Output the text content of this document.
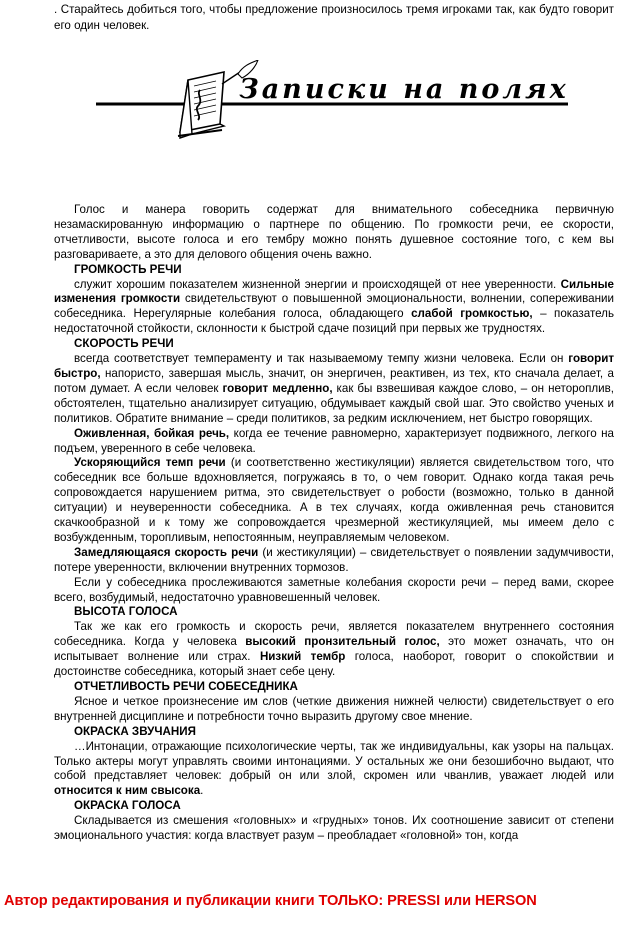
. Старайтесь добиться того, чтобы предложение произносилось тремя игроками так, как будто говорит его один человек.
Записки на полях

Голос и манера говорить содержат для внимательного собеседника первичную незамаскированную информацию о партнере по общению. По громкости речи, ее скорости, отчетливости, высоте голоса и его тембру можно понять душевное состояние того, с кем вы разговариваете, а это для делового общения очень важно.

ГРОМКОСТЬ РЕЧИ

служит хорошим показателем жизненной энергии и происходящей от нее уверенности. Сильные изменения громкости свидетельствуют о повышенной эмоциональности, волнении, сопереживании собеседника. Нерегулярные колебания голоса, обладающего слабой громкостью, – показатель недостаточной стойкости, склонности к быстрой сдаче позиций при первых же трудностях.

СКОРОСТЬ РЕЧИ

всегда соответствует темпераменту и так называемому темпу жизни человека. Если он говорит быстро, напористо, завершая мысль, значит, он энергичен, реактивен, из тех, кто сначала делает, а потом думает. А если человек говорит медленно, как бы взвешивая каждое слово, – он нетороплив, обстоятелен, тщательно анализирует ситуацию, обдумывает каждый свой шаг. Это свойство ученых и политиков. Обратите внимание – среди политиков, за редким исключением, нет быстро говорящих.

Оживленная, бойкая речь, когда ее течение равномерно, характеризует подвижного, легкого на подъем, уверенного в себе человека.

Ускоряющийся темп речи (и соответственно жестикуляции) является свидетельством того, что собеседник все больше вдохновляется, погружаясь в то, о чем говорит. Однако когда такая речь сопровождается нарушением ритма, это свидетельствует о робости (возможно, только в данной ситуации) и неуверенности собеседника. А в тех случаях, когда оживленная речь становится скачкообразной и к тому же сопровождается чрезмерной жестикуляцией, мы имеем дело с возбужденным, торопливым, непостоянным, неуправляемым человеком.

Замедляющаяся скорость речи (и жестикуляции) – свидетельствует о появлении задумчивости, потере уверенности, включении внутренних тормозов.

Если у собеседника прослеживаются заметные колебания скорости речи – перед вами, скорее всего, возбудимый, недостаточно уравновешенный человек.

ВЫСОТА ГОЛОСА

Так же как его громкость и скорость речи, является показателем внутреннего состояния собеседника. Когда у человека высокий пронзительный голос, это может означать, что он испытывает волнение или страх. Низкий тембр голоса, наоборот, говорит о спокойствии и достоинстве собеседника, который знает себе цену.

ОТЧЕТЛИВОСТЬ РЕЧИ СОБЕСЕДНИКА

Ясное и четкое произнесение им слов (четкие движения нижней челюсти) свидетельствует о его внутренней дисциплине и потребности точно выразить другому свое мнение.

ОКРАСКА ЗВУЧАНИЯ

…Интонации, отражающие психологические черты, так же индивидуальны, как узоры на пальцах. Только актеры могут управлять своими интонациями. У остальных же они безошибочно выдают, что собой представляет человек: добрый он или злой, скромен или чванлив, уважает людей или относится к ним свысока.

ОКРАСКА ГОЛОСА

Складывается из смешения «головных» и «грудных» тонов. Их соотношение зависит от степени эмоционального участия: когда властвует разум – преобладает «головной» тон, когда

Автор редактирования и публикации книги ТОЛЬКО: PRESSI или HERSON
